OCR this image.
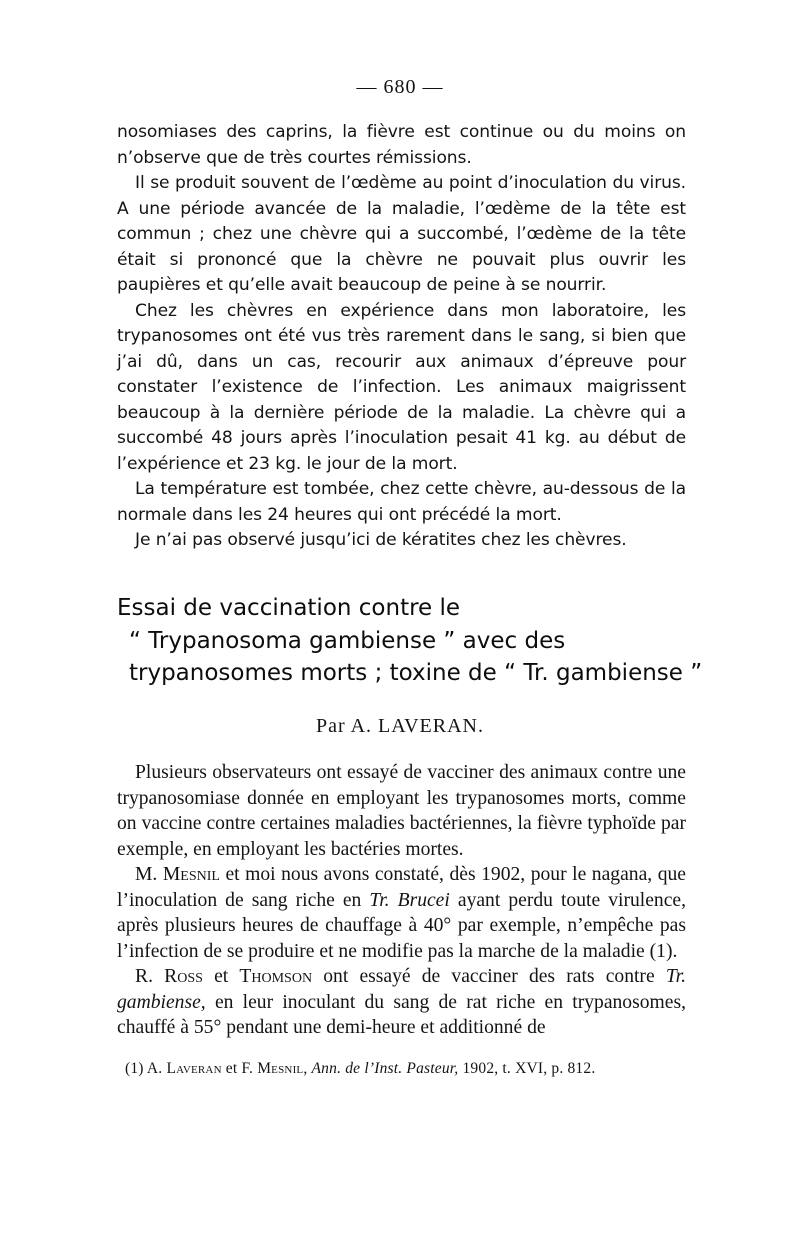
— 680 —

nosomiases des caprins, la fièvre est continue ou du moins on n’observe que de très courtes rémissions.

Il se produit souvent de l’œdème au point d’inoculation du virus. A une période avancée de la maladie, l’œdème de la tête est commun ; chez une chèvre qui a succombé, l’œdème de la tête était si prononcé que la chèvre ne pouvait plus ouvrir les paupières et qu’elle avait beaucoup de peine à se nourrir.

Chez les chèvres en expérience dans mon laboratoire, les trypanosomes ont été vus très rarement dans le sang, si bien que j’ai dû, dans un cas, recourir aux animaux d’épreuve pour constater l’existence de l’infection. Les animaux maigrissent beaucoup à la dernière période de la maladie. La chèvre qui a succombé 48 jours après l’inoculation pesait 41 kg. au début de l’expérience et 23 kg. le jour de la mort.

La température est tombée, chez cette chèvre, au-dessous de la normale dans les 24 heures qui ont précédé la mort.

Je n’ai pas observé jusqu’ici de kératites chez les chèvres.

Essai de vaccination contre le
“ Trypanosoma gambiense ” avec des
trypanosomes morts ; toxine de “ Tr. gambiense ”
Par A. LAVERAN.

Plusieurs observateurs ont essayé de vacciner des animaux contre une trypanosomiase donnée en employant les trypanosomes morts, comme on vaccine contre certaines maladies bactériennes, la fièvre typhoïde par exemple, en employant les bactéries mortes.

M. Mesnil et moi nous avons constaté, dès 1902, pour le nagana, que l’inoculation de sang riche en Tr. Brucei ayant perdu toute virulence, après plusieurs heures de chauffage à 40° par exemple, n’empêche pas l’infection de se produire et ne modifie pas la marche de la maladie (1).

R. Ross et Thomson ont essayé de vacciner des rats contre Tr. gambiense, en leur inoculant du sang de rat riche en trypanosomes, chauffé à 55° pendant une demi-heure et additionné de

(1) A. Laveran et F. Mesnil, Ann. de l’Inst. Pasteur, 1902, t. XVI, p. 812.
